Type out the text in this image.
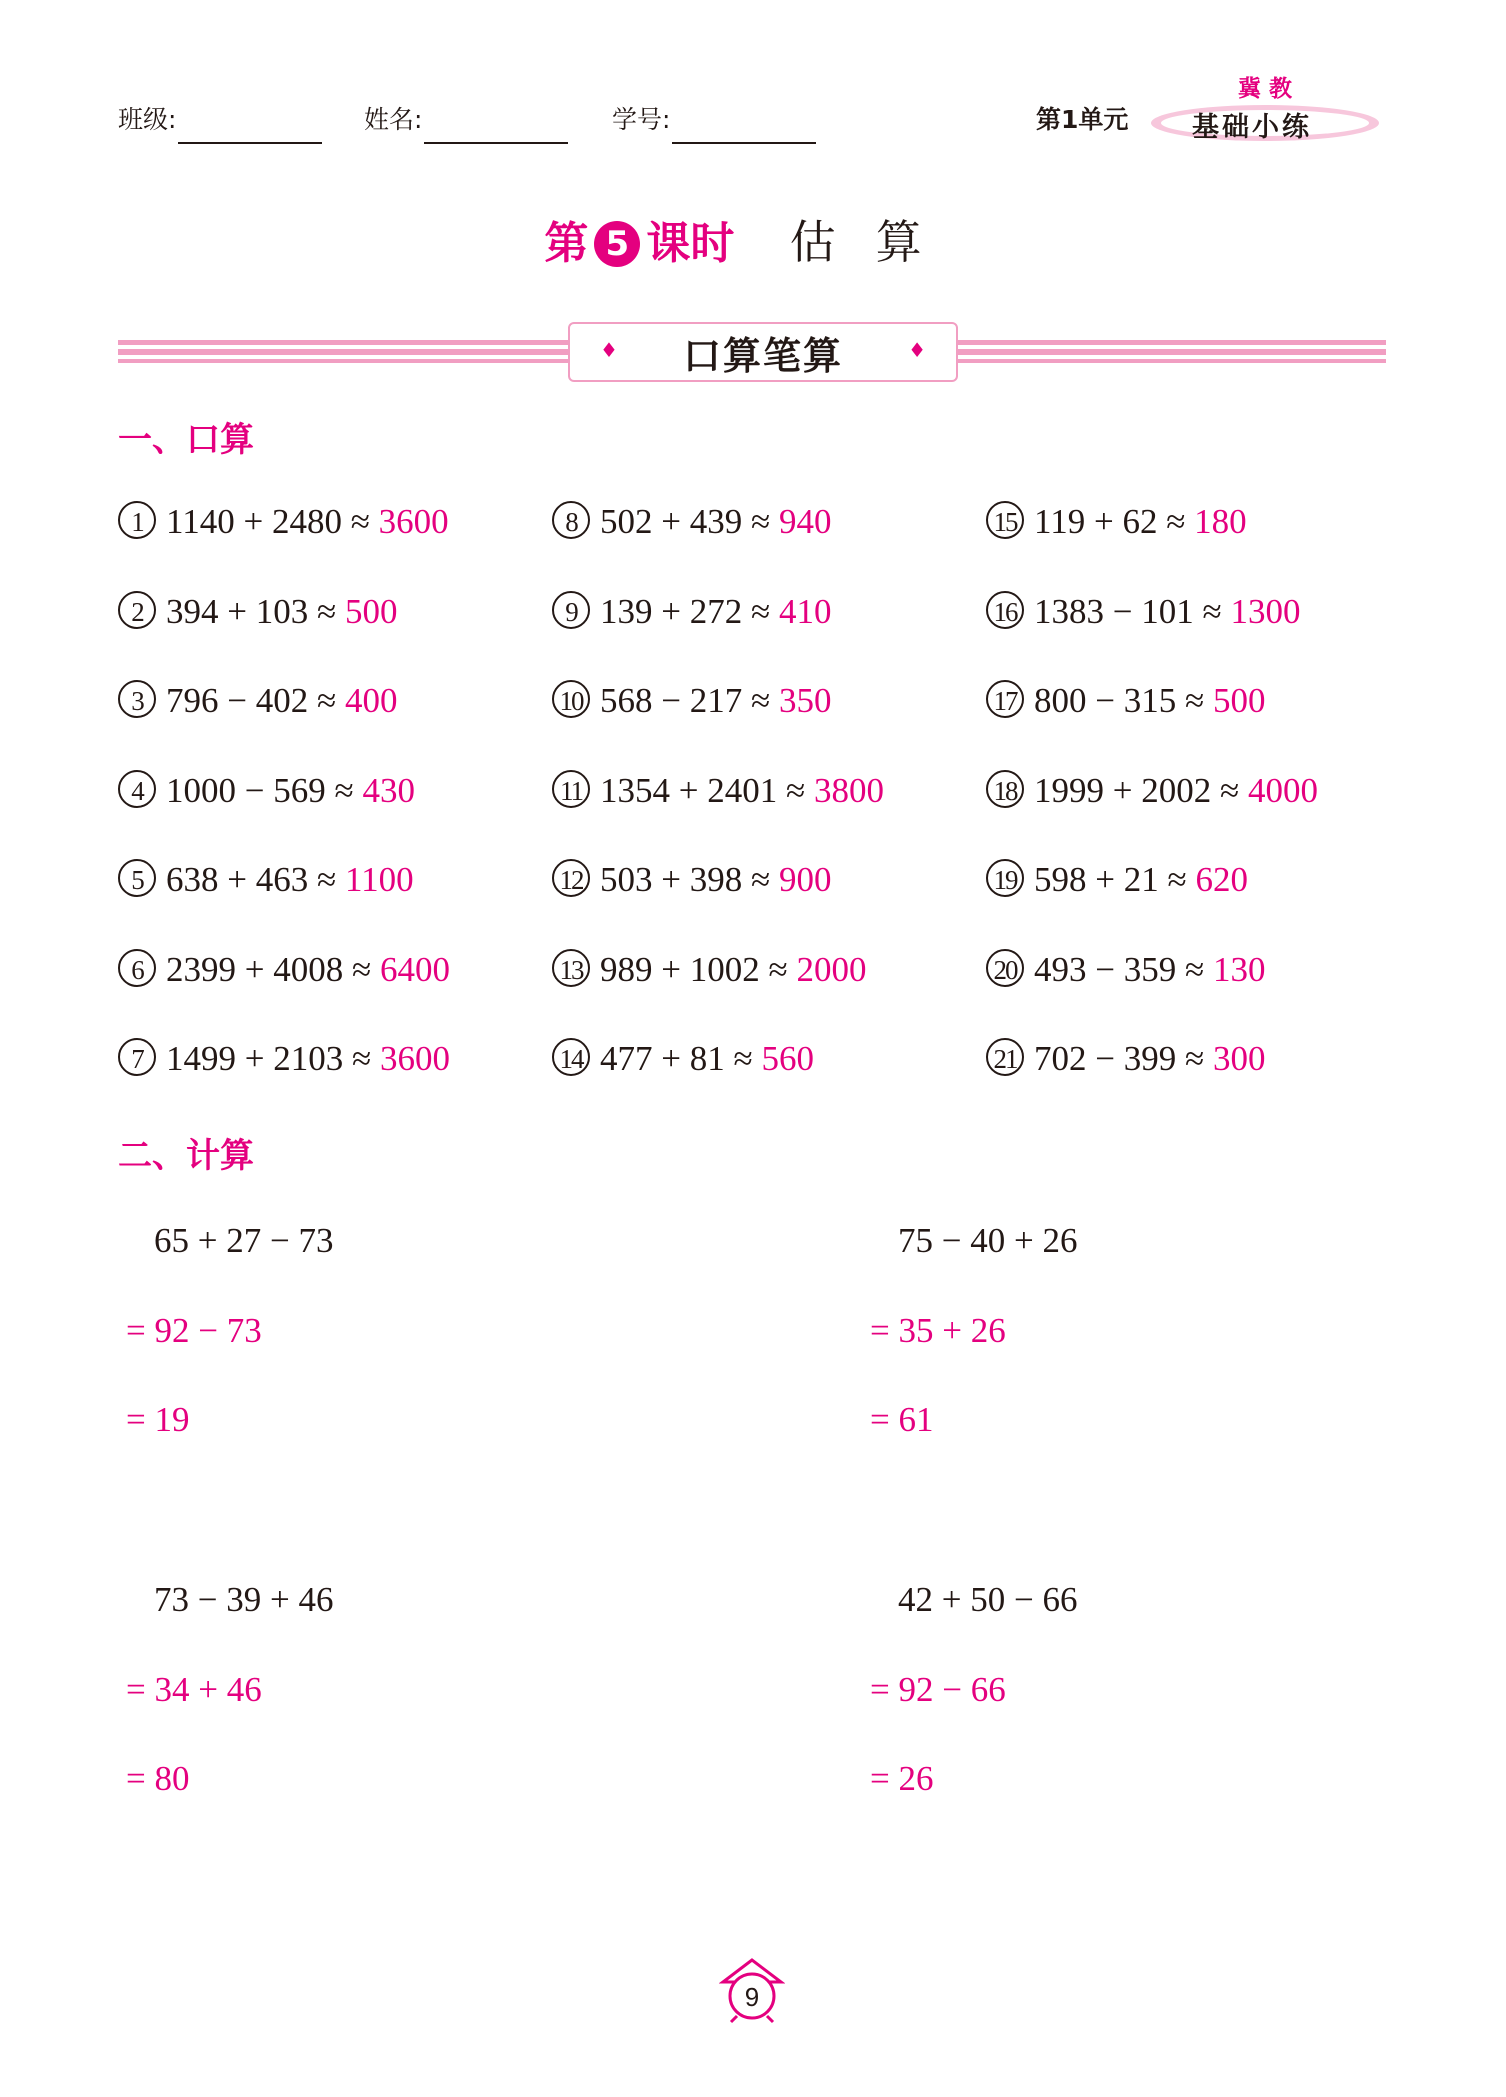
班级:	姓名:	学号:	第1单元
冀教
基础小练
第 5 课时 估算
♦ 口算笔算	♦
一、口算
1 1140 + 2480 ≈ 3600
2 394 + 103 ≈ 500
3 796 − 402 ≈ 400
4 1000 − 569 ≈ 430
5 638 + 463 ≈ 1100
6 2399 + 4008 ≈ 6400
7 1499 + 2103 ≈ 3600
8 502 + 439 ≈ 940
9 139 + 272 ≈ 410
10 568 − 217 ≈ 350
11 1354 + 2401 ≈ 3800
12 503 + 398 ≈ 900
13 989 + 1002 ≈ 2000
14 477 + 81 ≈ 560
15 119 + 62 ≈ 180
16 1383 − 101 ≈ 1300
17 800 − 315 ≈ 500
18 1999 + 2002 ≈ 4000
19 598 + 21 ≈ 620
20 493 − 359 ≈ 130
21 702 − 399 ≈ 300
二、计算
65 + 27 − 73
= 92 − 73
= 19
75 − 40 + 26
= 35 + 26
= 61
73 − 39 + 46
= 34 + 46
= 80
42 + 50 − 66
= 92 − 66
= 26
9
